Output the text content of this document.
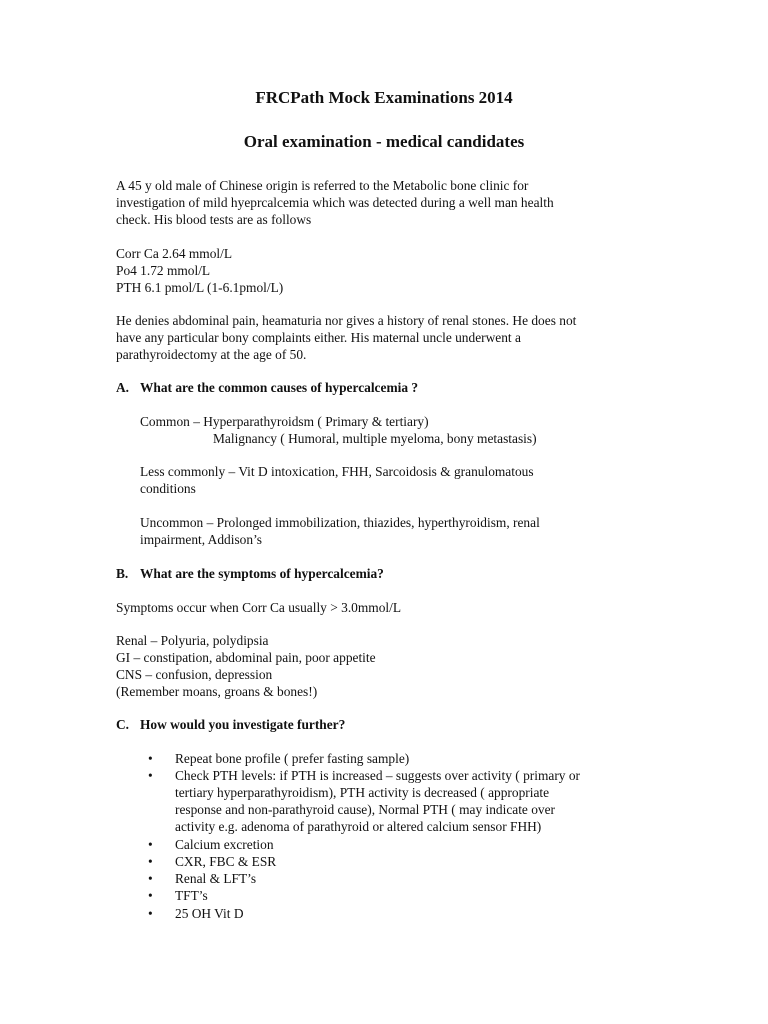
FRCPath Mock Examinations 2014
Oral examination - medical candidates
A 45 y old male of Chinese origin is referred to the Metabolic bone clinic for
investigation of mild hyeprcalcemia which was detected during a well man health
check. His blood tests are as follows
Corr Ca 2.64 mmol/L
Po4 1.72 mmol/L
PTH 6.1 pmol/L (1-6.1pmol/L)
He denies abdominal pain, heamaturia nor gives a history of renal stones. He does not
have any particular bony complaints either. His maternal uncle underwent a
parathyroidectomy at the age of 50.
A. What are the common causes of hypercalcemia ?
Common – Hyperparathyroidsm ( Primary & tertiary)
Malignancy ( Humoral, multiple myeloma, bony metastasis)
Less commonly – Vit D intoxication, FHH, Sarcoidosis & granulomatous
conditions
Uncommon – Prolonged immobilization, thiazides, hyperthyroidism, renal
impairment, Addison’s
B. What are the symptoms of hypercalcemia?
Symptoms occur when Corr Ca usually > 3.0mmol/L
Renal – Polyuria, polydipsia
GI – constipation, abdominal pain, poor appetite
CNS – confusion, depression
(Remember moans, groans & bones!)
C. How would you investigate further?
•	Repeat bone profile ( prefer fasting sample)
•	Check PTH levels: if PTH is increased – suggests over activity ( primary or
tertiary hyperparathyroidism), PTH activity is decreased ( appropriate
response and non-parathyroid cause), Normal PTH ( may indicate over
activity e.g. adenoma of parathyroid or altered calcium sensor FHH)
•	Calcium excretion
•	CXR, FBC & ESR
•	Renal & LFT’s
•	TFT’s
•	25 OH Vit D
